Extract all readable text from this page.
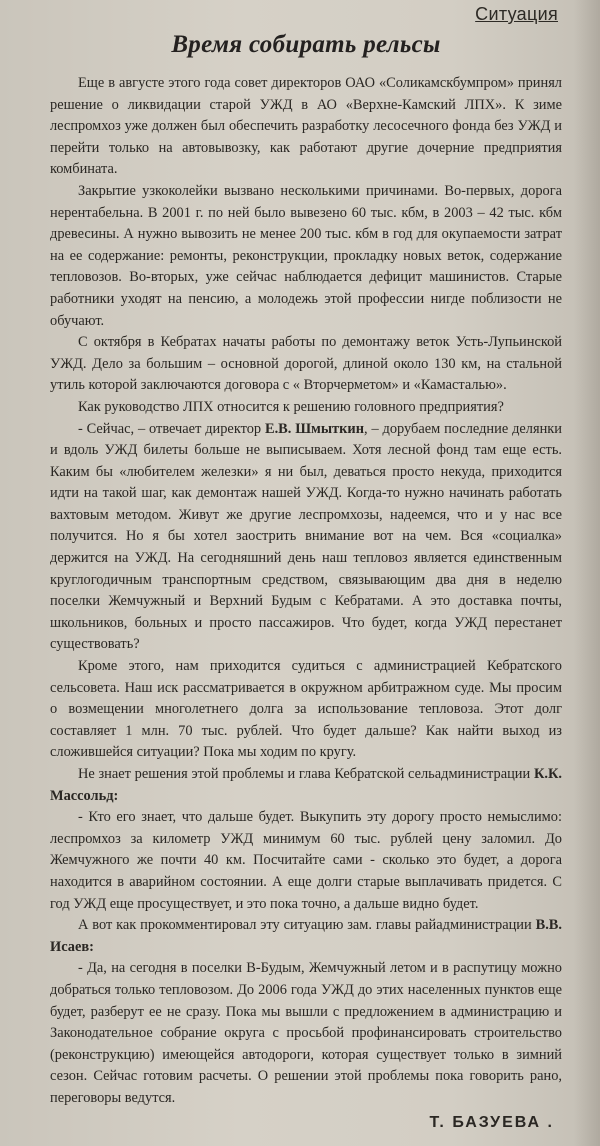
Ситуация
Время собирать рельсы

Еще в августе этого года совет директоров ОАО «Соликамскбумпром» принял решение о ликвидации старой УЖД в АО «Верхне-Камский ЛПХ». К зиме леспромхоз уже должен был обеспечить разработку лесосечного фонда без УЖД и перейти только на автовывозку, как работают другие дочерние предприятия комбината.

Закрытие узкоколейки вызвано несколькими причинами. Во-первых, дорога нерентабельна. В 2001 г. по ней было вывезено 60 тыс. кбм, в 2003 – 42 тыс. кбм древесины. А нужно вывозить не менее 200 тыс. кбм в год для окупаемости затрат на ее содержание: ремонты, реконструкции, прокладку новых веток, содержание тепловозов. Во-вторых, уже сейчас наблюдается дефицит машинистов. Старые работники уходят на пенсию, а молодежь этой профессии нигде поблизости не обучают.

С октября в Кебратах начаты работы по демонтажу веток Усть-Лупьинской УЖД. Дело за большим – основной дорогой, длиной около 130 км, на стальной утиль которой заключаются договора с « Вторчерметом» и «Камасталью».

Как руководство ЛПХ относится к решению головного предприятия?

- Сейчас, – отвечает директор Е.В. Шмыткин, – дорубаем последние делянки и вдоль УЖД билеты больше не выписываем. Хотя лесной фонд там еще есть. Каким бы «любителем железки» я ни был, деваться просто некуда, приходится идти на такой шаг, как демонтаж нашей УЖД. Когда-то нужно начинать работать вахтовым методом. Живут же другие леспромхозы, надеемся, что и у нас все получится. Но я бы хотел заострить внимание вот на чем. Вся «социалка» держится на УЖД. На сегодняшний день наш тепловоз является единственным круглогодичным транспортным средством, связывающим два дня в неделю поселки Жемчужный и Верхний Будым с Кебратами. А это доставка почты, школьников, больных и просто пассажиров. Что будет, когда УЖД перестанет существовать?

Кроме этого, нам приходится судиться с администрацией Кебратского сельсовета. Наш иск рассматривается в окружном арбитражном суде. Мы просим о возмещении многолетнего долга за использование тепловоза. Этот долг составляет 1 млн. 70 тыс. рублей. Что будет дальше? Как найти выход из сложившейся ситуации? Пока мы ходим по кругу.

Не знает решения этой проблемы и глава Кебратской сельадминистрации К.К. Массольд:

- Кто его знает, что дальше будет. Выкупить эту дорогу просто немыслимо: леспромхоз за километр УЖД минимум 60 тыс. рублей цену заломил. До Жемчужного же почти 40 км. Посчитайте сами - сколько это будет, а дорога находится в аварийном состоянии. А еще долги старые выплачивать придется. С год УЖД еще просуществует, и это пока точно, а дальше видно будет.

А вот как прокомментировал эту ситуацию зам. главы райадминистрации В.В. Исаев:

- Да, на сегодня в поселки В-Будым, Жемчужный летом и в распутицу можно добраться только тепловозом. До 2006 года УЖД до этих населенных пунктов еще будет, разберут ее не сразу. Пока мы вышли с предложением в администрацию и Законодательное собрание округа с просьбой профинансировать строительство (реконструкцию) имеющейся автодороги, которая существует только в зимний сезон. Сейчас готовим расчеты. О решении этой проблемы пока говорить рано, переговоры ведутся.

Т. БАЗУЕВА .
